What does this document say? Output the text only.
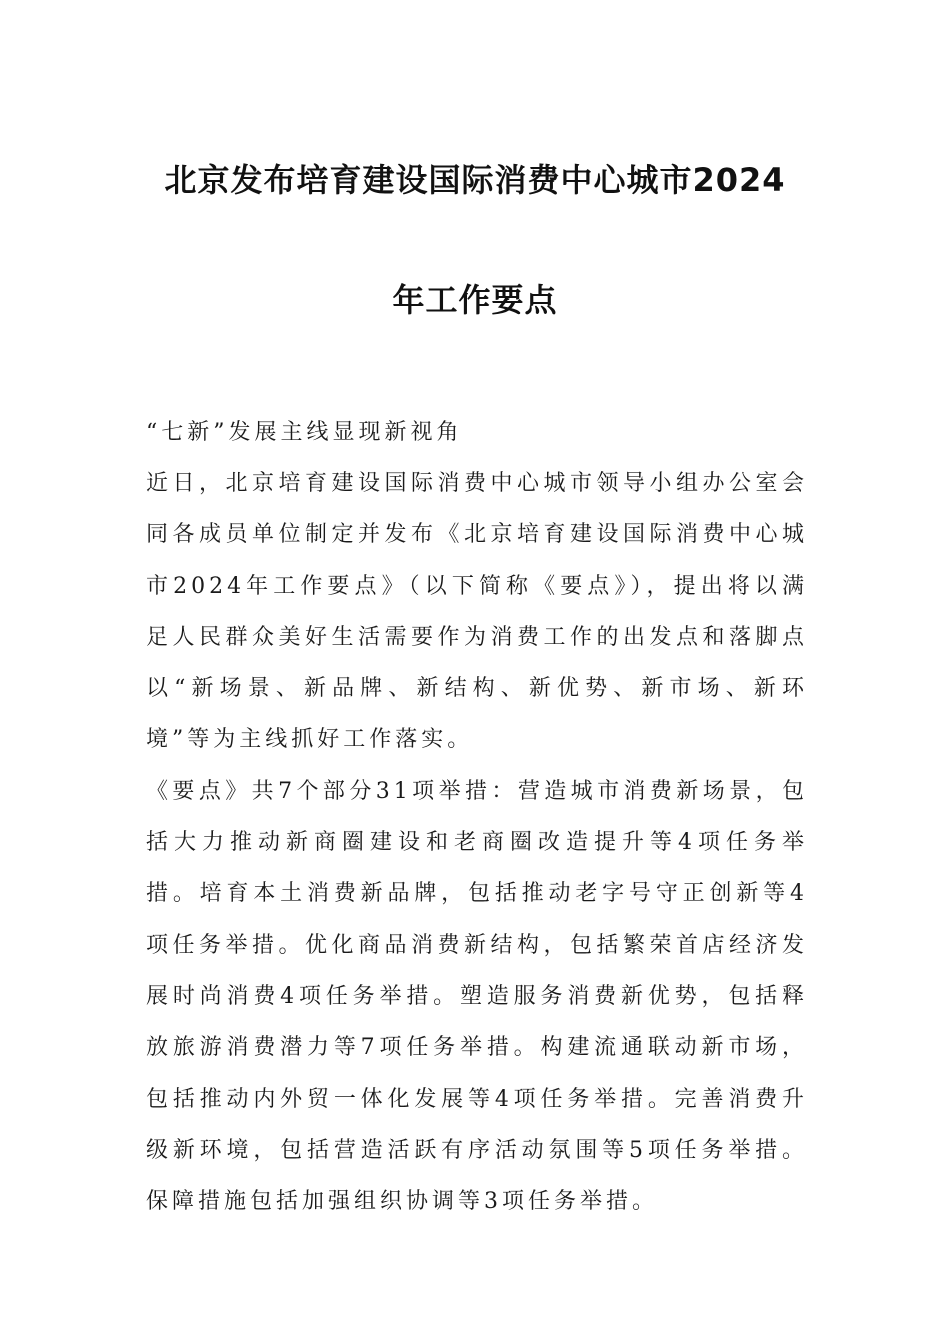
北京发布培育建设国际消费中心城市2024
年工作要点
“七新”发展主线显现新视角

近日，北京培育建设国际消费中心城市领导小组办公室会同各成员单位制定并发布《北京培育建设国际消费中心城市2024年工作要点》（以下简称《要点》），提出将以满足人民群众美好生活需要作为消费工作的出发点和落脚点以“新场景、新品牌、新结构、新优势、新市场、新环境”等为主线抓好工作落实。

《要点》共7个部分31项举措：营造城市消费新场景，包括大力推动新商圈建设和老商圈改造提升等4项任务举措。培育本土消费新品牌，包括推动老字号守正创新等4项任务举措。优化商品消费新结构，包括繁荣首店经济发展时尚消费4项任务举措。塑造服务消费新优势，包括释放旅游消费潜力等7项任务举措。构建流通联动新市场，包括推动内外贸一体化发展等4项任务举措。完善消费升级新环境，包括营造活跃有序活动氛围等5项任务举措。保障措施包括加强组织协调等3项任务举措。
